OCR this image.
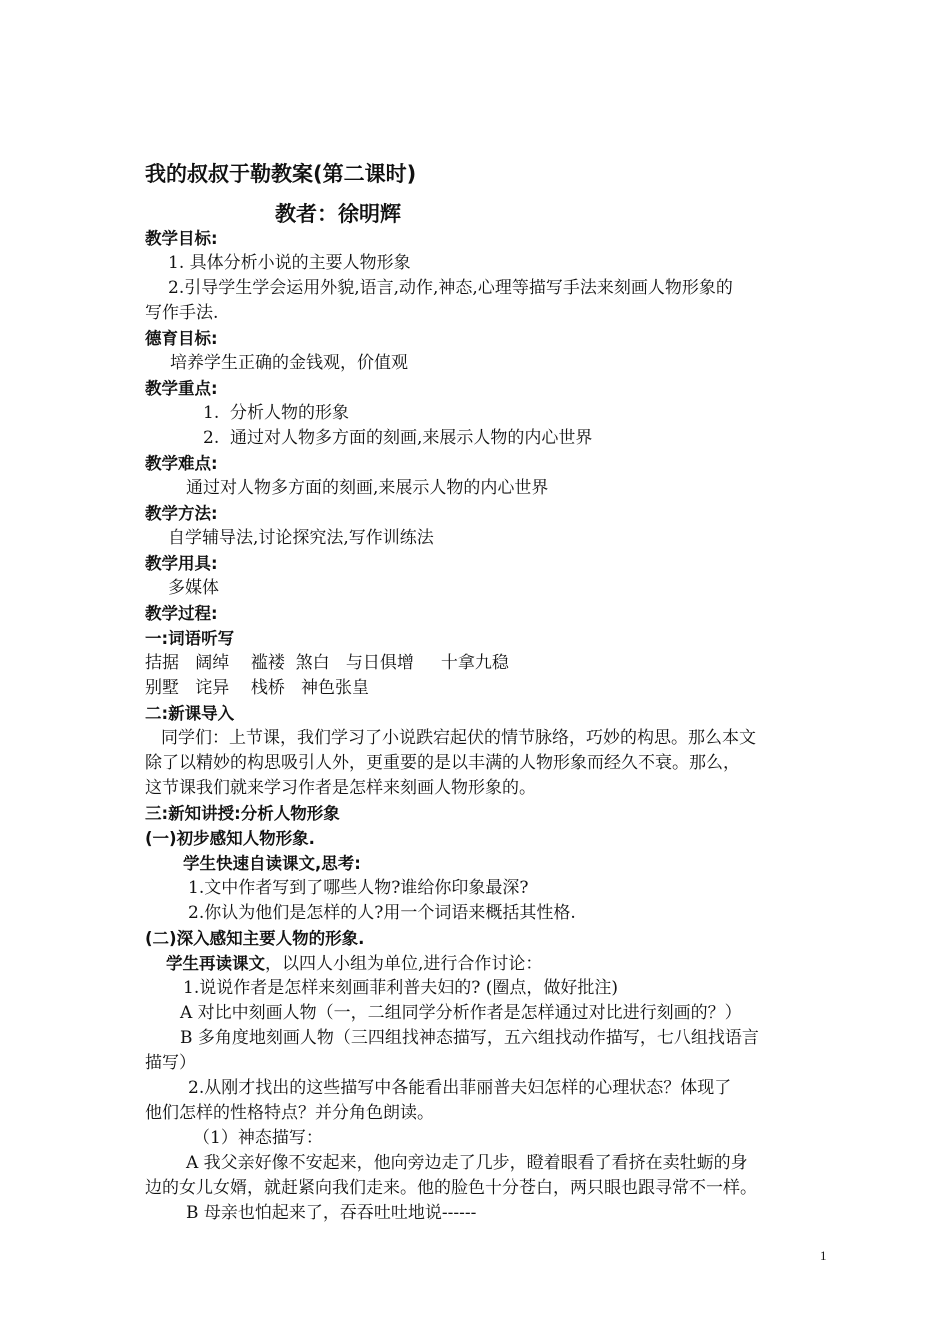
我的叔叔于勒教案(第二课时)
教者：徐明辉
教学目标:
1. 具体分析小说的主要人物形象
2.引导学生学会运用外貌,语言,动作,神态,心理等描写手法来刻画人物形象的
写作手法.
德育目标:
培养学生正确的金钱观，价值观
教学重点:
1.  分析人物的形象
2.  通过对人物多方面的刻画,来展示人物的内心世界
教学难点:
通过对人物多方面的刻画,来展示人物的内心世界
教学方法:
自学辅导法,讨论探究法,写作训练法
教学用具:
多媒体
教学过程:
一:词语听写
拮据   阔绰    褴褛  煞白   与日俱增     十拿九稳
别墅   诧异    栈桥   神色张皇
二:新课导入
同学们：上节课，我们学习了小说跌宕起伏的情节脉络，巧妙的构思。那么本文
除了以精妙的构思吸引人外，更重要的是以丰满的人物形象而经久不衰。那么，
这节课我们就来学习作者是怎样来刻画人物形象的。
三:新知讲授:分析人物形象
(一)初步感知人物形象.
学生快速自读课文,思考:
1.文中作者写到了哪些人物?谁给你印象最深?
2.你认为他们是怎样的人?用一个词语来概括其性格.
(二)深入感知主要人物的形象.
学生再读课文，以四人小组为单位,进行合作讨论：
1.说说作者是怎样来刻画菲利普夫妇的? (圈点，做好批注)
A 对比中刻画人物（一，二组同学分析作者是怎样通过对比进行刻画的？）
B 多角度地刻画人物（三四组找神态描写，五六组找动作描写，七八组找语言
描写）
2.从刚才找出的这些描写中各能看出菲丽普夫妇怎样的心理状态？体现了
他们怎样的性格特点？并分角色朗读。
（1）神态描写：
A 我父亲好像不安起来，他向旁边走了几步，瞪着眼看了看挤在卖牡蛎的身
边的女儿女婿，就赶紧向我们走来。他的脸色十分苍白，两只眼也跟寻常不一样。
B 母亲也怕起来了，吞吞吐吐地说------
1
